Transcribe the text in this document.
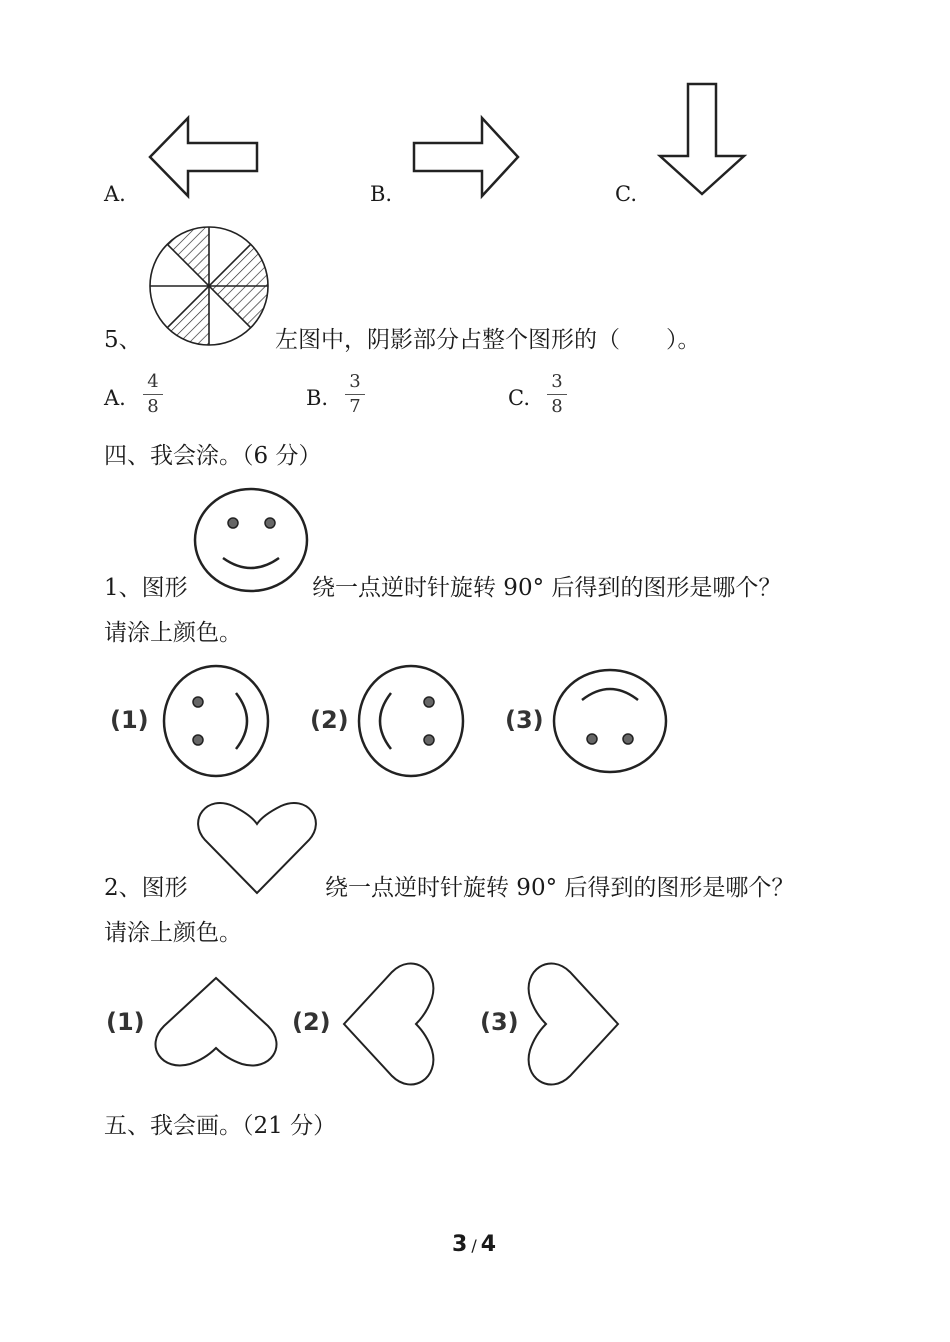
A.	B.	C.
5、	左图中，阴影部分占整个图形的（　　）。
A.
4
8	B.
3
7	C.
3
8
四、我会涂。（6 分）
1、图形	绕一点逆时针旋转 90° 后得到的图形是哪个？
请涂上颜色。
(1)	(2)	(3)
2、图形	绕一点逆时针旋转 90° 后得到的图形是哪个？
请涂上颜色。
(1)	(2)	(3)
五、我会画。（21 分）
3 / 4
